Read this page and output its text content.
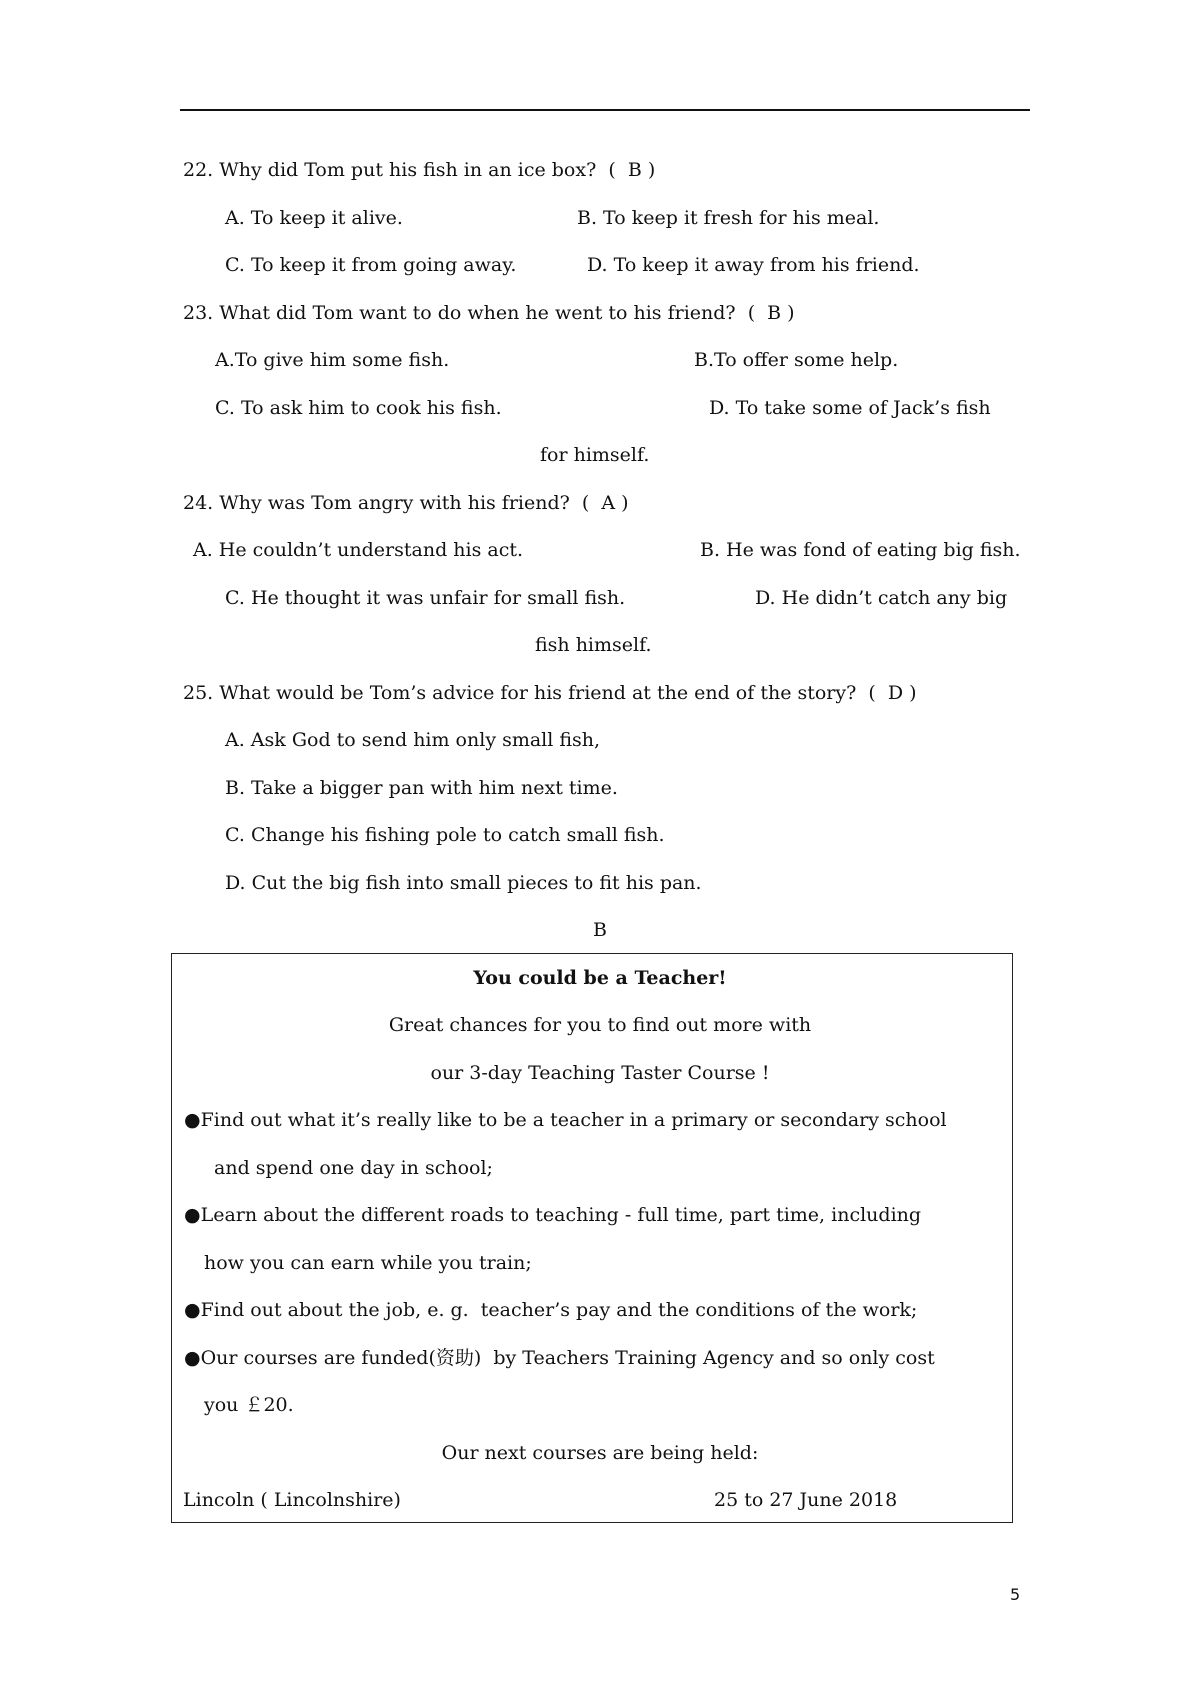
22. Why did Tom put his fish in an ice box?  (  B )
A. To keep it alive.	B. To keep it fresh for his meal.
C. To keep it from going away.	D. To keep it away from his friend.
23. What did Tom want to do when he went to his friend?  (  B )
A.To give him some fish.	B.To offer some help.
C. To ask him to cook his fish.	D. To take some of Jack’s fish
for himself.
24. Why was Tom angry with his friend?  (  A )
A. He couldn’t understand his act.	B. He was fond of eating big fish.
C. He thought it was unfair for small fish.	D. He didn’t catch any big
fish himself.
25. What would be Tom’s advice for his friend at the end of the story?  (  D )
A. Ask God to send him only small fish,
B. Take a bigger pan with him next time.
C. Change his fishing pole to catch small fish.
D. Cut the big fish into small pieces to fit his pan.
B
You could be a Teacher!
Great chances for you to find out more with
our 3-day Teaching Taster Course !
●Find out what it’s really like to be a teacher in a primary or secondary school
and spend one day in school;
●Learn about the different roads to teaching - full time, part time, including
how you can earn while you train;
●Find out about the job, e. g.  teacher’s pay and the conditions of the work;
●Our courses are funded(资助)  by Teachers Training Agency and so only cost
you ￡20.
Our next courses are being held:
Lincoln ( Lincolnshire)	25 to 27 June 2018
5
